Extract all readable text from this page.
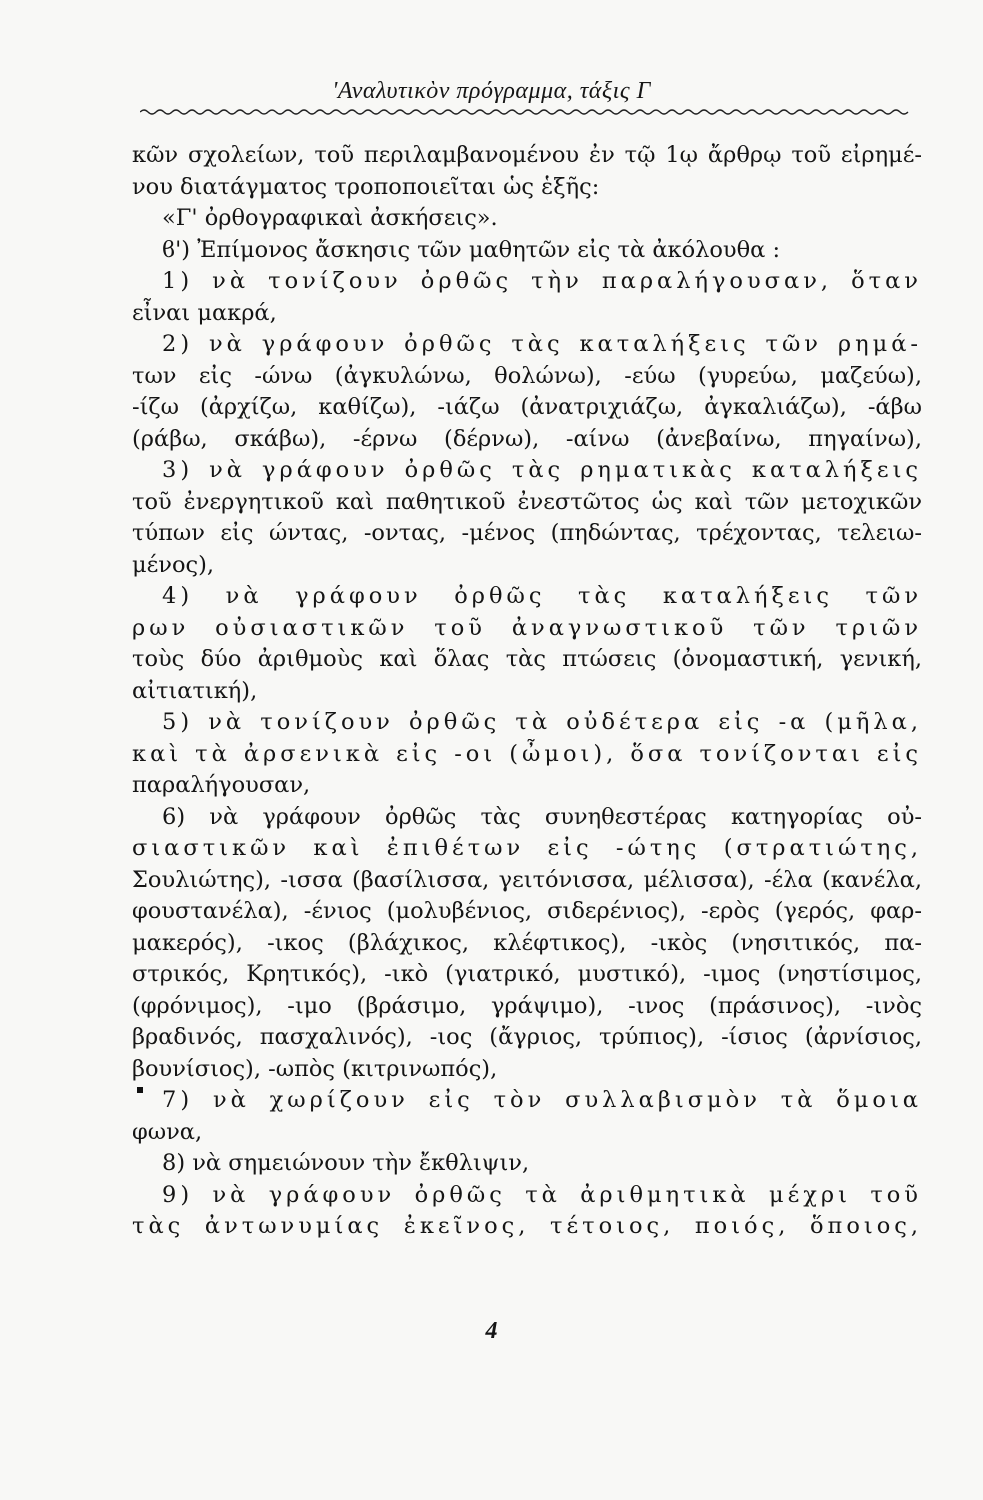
'Αναλυτικὸν πρόγραμμα, τάξις Γ
κῶν σχολείων, τοῦ περιλαμβανομένου ἐν τῷ 1ῳ ἄρθρῳ τοῦ εἰρημέ-
νου διατάγματος τροποποιεῖται ὡς ἑξῆς:
«Γ' ὀρθογραφικαὶ ἀσκήσεις».
ϐ') Ἐπίμονος ἄσκησις τῶν μαθητῶν εἰς τὰ ἀκόλουθα :
1) νὰ τονίζουν ὀρθῶς τὴν παραλήγουσαν, ὅταν
εἶναι μακρά,
2) νὰ γράφουν ὀρθῶς τὰς καταλήξεις τῶν ρημά-
των εἰς -ώνω (ἀγκυλώνω, θολώνω), -εύω (γυρεύω, μαζεύω),
-ίζω (ἀρχίζω, καθίζω), -ιάζω (ἀνατριχιάζω, ἀγκαλιάζω), -άβω
(ράβω, σκάβω), -έρνω (δέρνω), -αίνω (ἀνεβαίνω, πηγαίνω),
3) νὰ γράφουν ὀρθῶς τὰς ρηματικὰς καταλήξεις
τοῦ ἐνεργητικοῦ καὶ παθητικοῦ ἐνεστῶτος ὡς καὶ τῶν μετοχικῶν
τύπων εἰς ώντας, -οντας, -μένος (πηδώντας, τρέχοντας, τελειω-
μένος),
4) νὰ γράφουν ὀρθῶς τὰς καταλήξεις τῶν
ρων οὐσιαστικῶν τοῦ ἀναγνωστικοῦ τῶν τριῶν
τοὺς δύο ἀριθμοὺς καὶ ὅλας τὰς πτώσεις (ὀνομαστική, γενική,
αἰτιατική),
5) νὰ τονίζουν ὀρθῶς τὰ οὐδέτερα εἰς -α (μῆλα,
καὶ τὰ ἀρσενικὰ εἰς -οι (ὦμοι), ὅσα τονίζονται εἰς
παραλήγουσαν,
6) νὰ γράφουν ὀρθῶς τὰς συνηθεστέρας κατηγορίας οὐ-
σιαστικῶν καὶ ἐπιθέτων εἰς -ώτης (στρατιώτης,
Σουλιώτης), -ισσα (βασίλισσα, γειτόνισσα, μέλισσα), -έλα (κανέλα,
φουστανέλα), -ένιος (μολυβένιος, σιδερένιος), -ερὸς (γερός, φαρ-
μακερός), -ικος (βλάχικος, κλέφτικος), -ικὸς (νησιτικός, πα-
στρικός, Κρητικός), -ικὸ (γιατρικό, μυστικό), -ιμος (νηστίσιμος,
(φρόνιμος), -ιμο (βράσιμο, γράψιμο), -ινος (πράσινος), -ινὸς
βραδινός, πασχαλινός), -ιος (ἄγριος, τρύπιος), -ίσιος (ἀρνίσιος,
βουνίσιος), -ωπὸς (κιτρινωπός),
7) νὰ χωρίζουν εἰς τὸν συλλαβισμὸν τὰ ὅμοια
φωνα,
8) νὰ σημειώνουν τὴν ἔκθλιψιν,
9) νὰ γράφουν ὀρθῶς τὰ ἀριθμητικὰ μέχρι τοῦ
τὰς ἀντωνυμίας ἐκεῖνος, τέτοιος, ποιός, ὅποιος,
4
